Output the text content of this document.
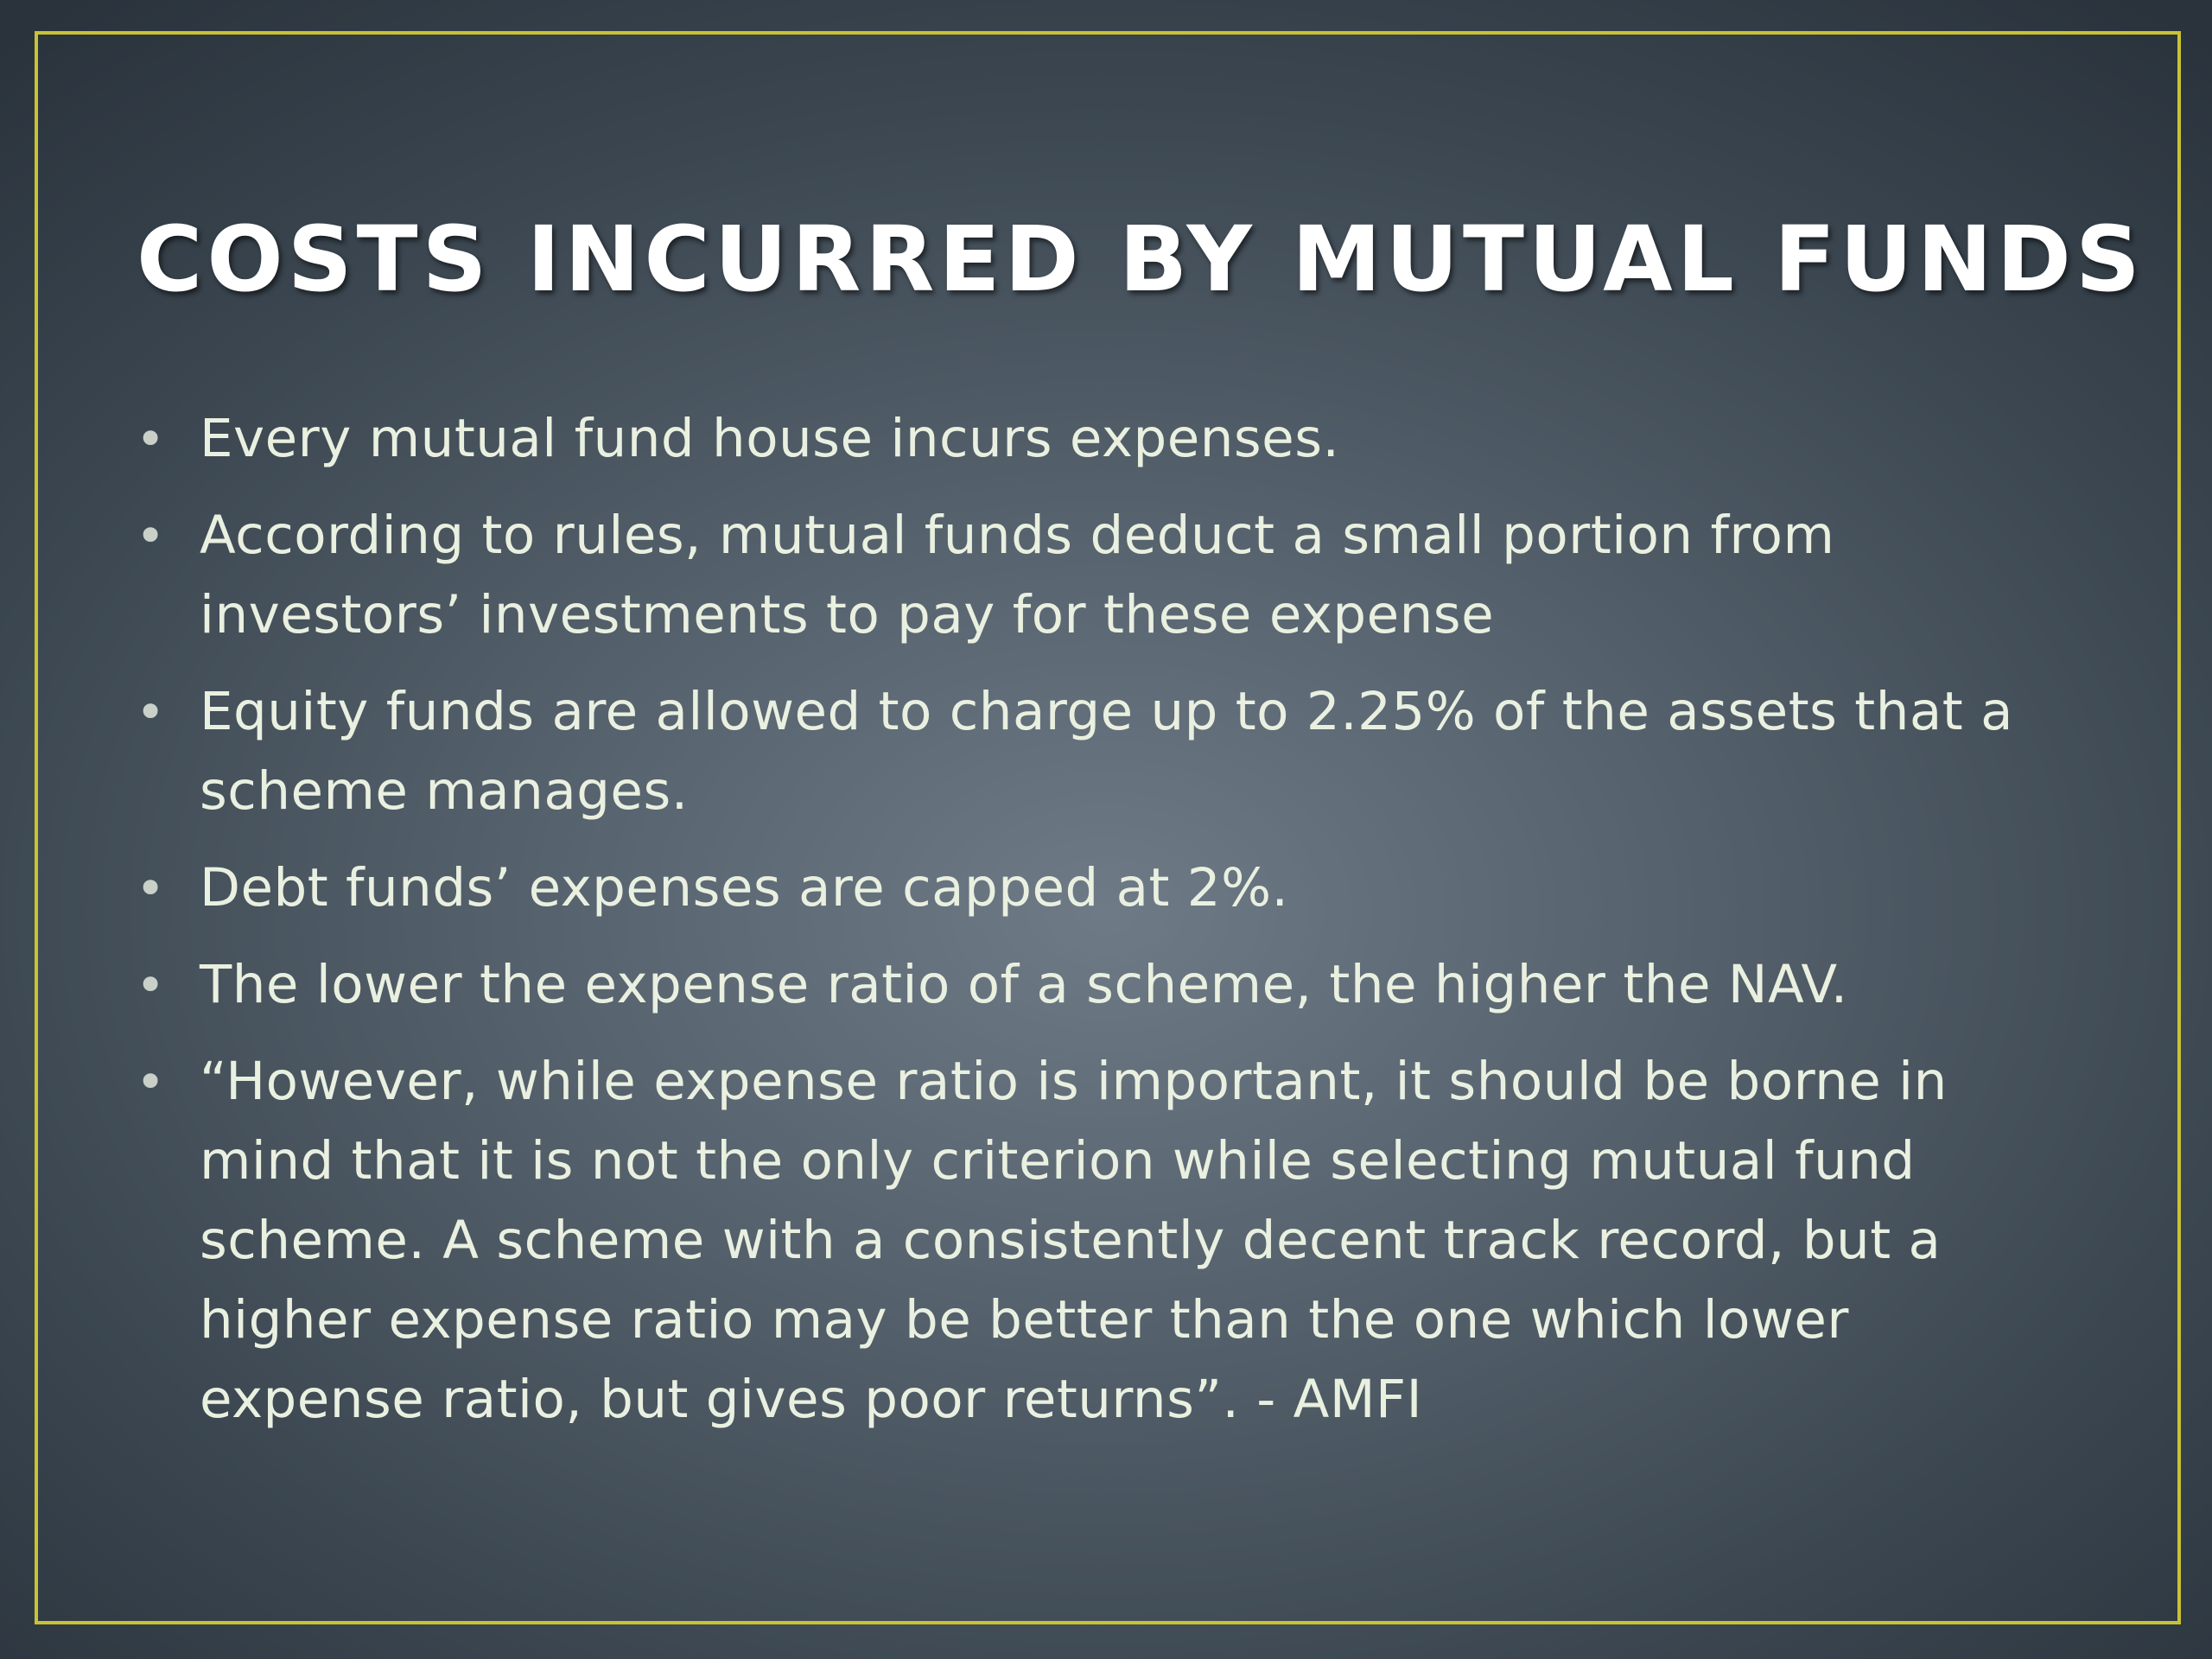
COSTS INCURRED BY MUTUAL FUNDS
• Every mutual fund house incurs expenses.
• According to rules, mutual funds deduct a small portion from investors’ investments to pay for these expense
• Equity funds are allowed to charge up to 2.25% of the assets that a scheme manages.
• Debt funds’ expenses are capped at 2%.
• The lower the expense ratio of a scheme, the higher the NAV.
• “However, while expense ratio is important, it should be borne in mind that it is not the only criterion while selecting mutual fund scheme. A scheme with a consistently decent track record, but a higher expense ratio may be better than the one which lower expense ratio, but gives poor returns”. - AMFI
